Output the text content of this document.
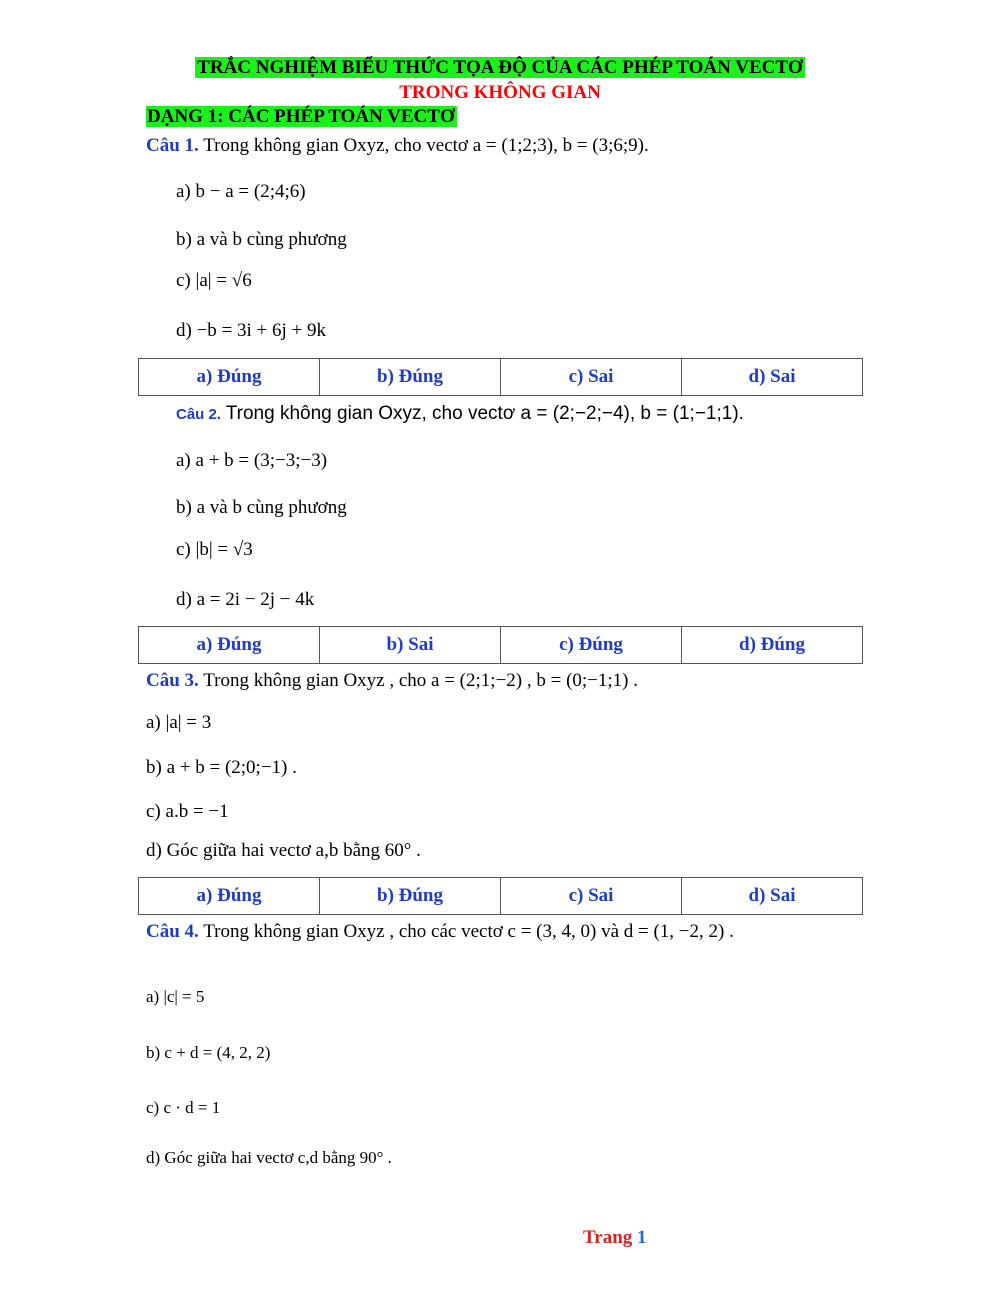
TRẮC NGHIỆM BIỂU THỨC TỌA ĐỘ CỦA CÁC PHÉP TOÁN VECTƠ
TRONG KHÔNG GIAN
DẠNG 1: CÁC PHÉP TOÁN VECTƠ
Câu 1. Trong không gian Oxyz, cho vectơ a = (1;2;3), b = (3;6;9).
a) b − a = (2;4;6)
b) a và b cùng phương
c) |a| = √6
d) −b = 3i + 6j + 9k
a) Đúng	b) Đúng	c) Sai	d) Sai
Câu 2. Trong không gian Oxyz, cho vectơ a = (2;−2;−4), b = (1;−1;1).
a) a + b = (3;−3;−3)
b) a và b cùng phương
c) |b| = √3
d) a = 2i − 2j − 4k
a) Đúng	b) Sai	c) Đúng	d) Đúng
Câu 3. Trong không gian Oxyz , cho a = (2;1;−2) , b = (0;−1;1) .
a) |a| = 3
b) a + b = (2;0;−1) .
c) a.b = −1
d) Góc giữa hai vectơ a,b bằng 60° .
a) Đúng	b) Đúng	c) Sai	d) Sai
Câu 4. Trong không gian Oxyz , cho các vectơ c = (3, 4, 0) và d = (1, −2, 2) .
a) |c| = 5
b) c + d = (4, 2, 2)
c) c · d = 1
d) Góc giữa hai vectơ c,d bằng 90° .
Trang 1
